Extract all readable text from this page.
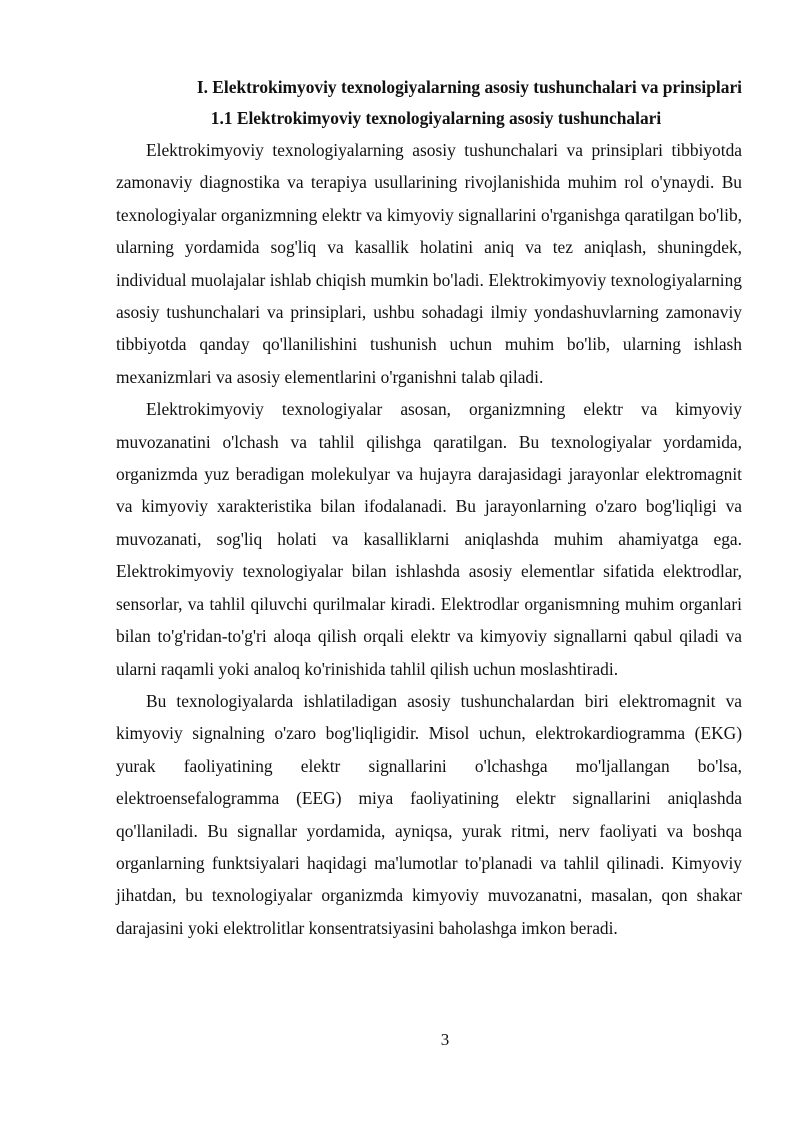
I. Elektrokimyoviy texnologiyalarning asosiy tushunchalari va prinsiplari
1.1 Elektrokimyoviy texnologiyalarning asosiy tushunchalari

Elektrokimyoviy texnologiyalarning asosiy tushunchalari va prinsiplari tibbiyotda zamonaviy diagnostika va terapiya usullarining rivojlanishida muhim rol o'ynaydi. Bu texnologiyalar organizmning elektr va kimyoviy signallarini o'rganishga qaratilgan bo'lib, ularning yordamida sog'liq va kasallik holatini aniq va tez aniqlash, shuningdek, individual muolajalar ishlab chiqish mumkin bo'ladi. Elektrokimyoviy texnologiyalarning asosiy tushunchalari va prinsiplari, ushbu sohadagi ilmiy yondashuvlarning zamonaviy tibbiyotda qanday qo'llanilishini tushunish uchun muhim bo'lib, ularning ishlash mexanizmlari va asosiy elementlarini o'rganishni talab qiladi.

Elektrokimyoviy texnologiyalar asosan, organizmning elektr va kimyoviy muvozanatini o'lchash va tahlil qilishga qaratilgan. Bu texnologiyalar yordamida, organizmda yuz beradigan molekulyar va hujayra darajasidagi jarayonlar elektromagnit va kimyoviy xarakteristika bilan ifodalanadi. Bu jarayonlarning o'zaro bog'liqligi va muvozanati, sog'liq holati va kasalliklarni aniqlashda muhim ahamiyatga ega. Elektrokimyoviy texnologiyalar bilan ishlashda asosiy elementlar sifatida elektrodlar, sensorlar, va tahlil qiluvchi qurilmalar kiradi. Elektrodlar organismning muhim organlari bilan to'g'ridan-to'g'ri aloqa qilish orqali elektr va kimyoviy signallarni qabul qiladi va ularni raqamli yoki analoq ko'rinishida tahlil qilish uchun moslashtiradi.

Bu texnologiyalarda ishlatiladigan asosiy tushunchalardan biri elektromagnit va kimyoviy signalning o'zaro bog'liqligidir. Misol uchun, elektrokardiogramma (EKG) yurak faoliyatining elektr signallarini o'lchashga mo'ljallangan bo'lsa, elektroensefalogramma (EEG) miya faoliyatining elektr signallarini aniqlashda qo'llaniladi. Bu signallar yordamida, ayniqsa, yurak ritmi, nerv faoliyati va boshqa organlarning funktsiyalari haqidagi ma'lumotlar to'planadi va tahlil qilinadi. Kimyoviy jihatdan, bu texnologiyalar organizmda kimyoviy muvozanatni, masalan, qon shakar darajasini yoki elektrolitlar konsentratsiyasini baholashga imkon beradi.

3
